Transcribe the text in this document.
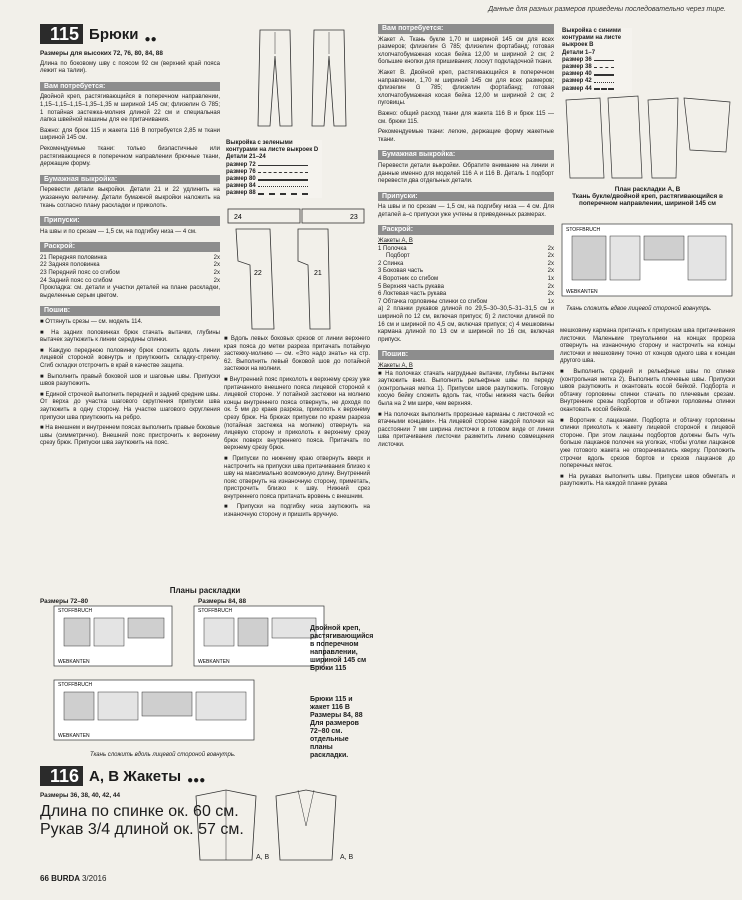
Данные для разных размеров приведены последовательно через тире.
115 Брюки ●●
Размеры для высоких 72, 76, 80, 84, 88
Длина по боковому шву с поясом 92 см (верхний край пояса лежит на талии).
Вам потребуется:
Двойной креп, растягивающийся в поперечном направлении, 1,15–1,15–1,15–1,35–1,35 м шириной 145 см; флизелин G 785; 1 потайная застежка-молния длиной 22 см и специальная лапка швейной машины для ее притачивания.
Важно: для брюк 115 и жакета 116 В потребуется 2,85 м ткани шириной 145 см.
Рекомендуемые ткани: только биэластичные или растягивающиеся в поперечном направлении брючные ткани, держащие форму.
Бумажная выкройка:
Перевести детали выкройки. Детали 21 и 22 удлинить на указанную величину. Детали бумажной выкройки наложить на ткань согласно плану раскладки и приколоть.
Припуски:
На швы и по срезам — 1,5 см, на подгибку низа — 4 см.
Раскрой:
21 Передняя половинка	2x
22 Задняя половинка	2x
23 Передний пояс со сгибом	2x
24 Задний пояс со сгибом	2x
Прокладка: см. детали и участки деталей на плане раскладки, выделенные серым цветом.
Пошив:
■ Оттянуть срезы — см. модель 114.
■ На задних половинках брюк стачать вытачки, глубины вытачек заутюжить к линии середины спинки.
■ Каждую переднюю половинку брюк сложить вдоль линии лицевой стороной вовнутрь и приутюжить складку-стрелку. Сгиб складки отстрочить в край в качестве защипа.
■ Выполнить правый боковой шов и шаговые швы. Припуски швов разутюжить.
■ Единой строчкой выполнить передний и задний средние швы. От верха до участка шагового скругления припуски шва заутюжить в одну сторону. На участке шагового скругления припуски шва приутюжить на ребро.
■ На внешнем и внутреннем поясах выполнить правые боковые швы (симметрично). Внешний пояс пристрочить к верхнему срезу брюк. Припуски шва заутюжить на пояс.
Выкройка с зелеными контурами на листе выкроек D
Детали 21–24
размер 72
размер 76
размер 80
размер 84
размер 88
24	23
22	21
■ Вдоль левых боковых срезов от линии верхнего края пояса до метки разреза притачать потайную застежку-молнию — см. «Это надо знать» на стр. 62. Выполнить левый боковой шов до потайной застежки на молнии.
■ Внутренний пояс приколоть к верхнему срезу уже притачанного внешнего пояса лицевой стороной к лицевой стороне. У потайной застежки на молнию концы внутреннего пояса отвернуть, не доходя по ок. 5 мм до краев разреза, приколоть к верхнему срезу брюк. На брюках припуски по краям разреза (потайная застежка на молнию) отвернуть на лицевую сторону и приколоть к верхнему срезу брюк поверх внутреннего пояса. Притачать по верхнему срезу брюк.
■ Припуски по нижнему краю отвернуть вверх и настрочить на припуски шва притачивания близко к шву на максимально возможную длину. Внутренний пояс отвернуть на изнаночную сторону, приметать, пристрочить близко к шву. Нижний срез внутреннего пояса притачать вровень с внешним.
■ Припуски на подгибку низа заутюжить на изнаночную сторону и пришить вручную.
Планы раскладки
Размеры 72–80	Размеры 84, 88
STOFFBRUCH
WEBKANTEN
STOFFBRUCH
WEBKANTEN
STOFFBRUCH
WEBKANTEN
Двойной креп, растягивающийся в поперечном направлении, шириной 145 см Брюки 115
Брюки 115 и жакет 116 В Размеры 84, 88 Для размеров 72–80 см. отдельные планы раскладки.
Ткань сложить вдоль лицевой стороной вовнутрь.
116 А, В Жакеты ●●●
Размеры 36, 38, 40, 42, 44
Длина по спинке ок. 60 см.
Рукав 3/4 длиной ок. 57 см.
A, B	A, B
Вам потребуется:
Жакет А. Ткань букле 1,70 м шириной 145 см для всех размеров; флизелин G 785; флизелин фортабанд; готовая хлопчатобумажная косая бейка 12,00 м шириной 2 см; 2 большие кнопки для пришивания; лоскут подкладочной ткани.
Жакет В. Двойной креп, растягивающийся в поперечном направлении, 1,70 м шириной 145 см для всех размеров; флизелин G 785; флизелин фортабанд; готовая хлопчатобумажная косая бейка 12,00 м шириной 2 см; 2 пуговицы.
Важно: общий расход ткани для жакета 116 В и брюк 115 — см. брюки 115.
Рекомендуемые ткани: легкие, держащие форму жакетные ткани.
Бумажная выкройка:
Перевести детали выкройки. Обратите внимание на линии и данные именно для моделей 116 А и 116 В. Деталь 1 подборт перевести два отдельных детали.
Припуски:
На швы и по срезам — 1,5 см, на подгибку низа — 4 см. Для деталей а–с припуски уже учтены в приведенных размерах.
Раскрой:
Жакеты А, В
1 Полочка	2x
Подборт	2x
2 Спинка	2x
3 Боковая часть	2x
4 Воротник со сгибом	1x
5 Верхняя часть рукава	2x
6 Локтевая часть рукава	2x
7 Обтачка горловины спинки со сгибом	1x
а) 2 планки рукавов длиной по 29,5–30–30,5–31–31,5 см и шириной по 12 см, включая припуск; б) 2 листочки длиной по 16 см и шириной по 4,5 см, включая припуск; с) 4 мешковины кармана длиной по 13 см и шириной по 16 см, включая припуск.
Пошив:
Жакеты А, В
■ На полочках стачать нагрудные вытачки, глубины вытачек заутюжить вниз. Выполнить рельефные швы по переду (контрольная метка 1). Припуски швов разутюжить. Готовую косую бейку сложить вдоль так, чтобы нижняя часть бейки была на 2 мм шире, чем верхняя.
■ На полочках выполнить прорезные карманы с листочкой «с втачными концами». На лицевой стороне каждой полочки на расстоянии 7 мм ширина листочки в готовом виде от линии шва притачивания листочки разметить линию совмещения листочки.
Выкройка с синими контурами на листе выкроек В
Детали 1–7
размер 36
размер 38
размер 40
размер 42
размер 44
План раскладки А, В
Ткань букле/двойной креп, растягивающийся в поперечном направлении, шириной 145 см
STOFFBRUCH
WEBKANTEN
Ткань сложить вдвое лицевой стороной вовнутрь.
мешковину кармана притачать к припускам шва притачивания листочки. Маленькие треугольники на концах прореза отвернуть на изнаночную сторону и настрочить на концы листочки и мешковину точно от концов одного шва к концам другого шва.
■ Выполнить средний и рельефные швы по спинке (контрольная метка 2). Выполнить плечевые швы. Припуски швов разутюжить и окантовать косой бейкой. Подборта и обтачку горловины спинки стачать по плечевым срезам. Внутренние срезы подбортов и обтачки горловины спинки окантовать косой бейкой.
■ Воротник с лацканами. Подборта и обтачку горловины спинки приколоть к жакету лицевой стороной к лицевой стороне. При этом лацканы подбортов должны быть чуть больше лацканов полочек на уголках, чтобы уголки лацканов уже готового жакета не отворачивались кверху. Проложить строчки вдоль срезов бортов и срезов лацканов до поперечных меток.
■ На рукавах выполнить швы. Припуски швов обметать и разутюжить. На каждой планке рукава
66 BURDA 3/2016
